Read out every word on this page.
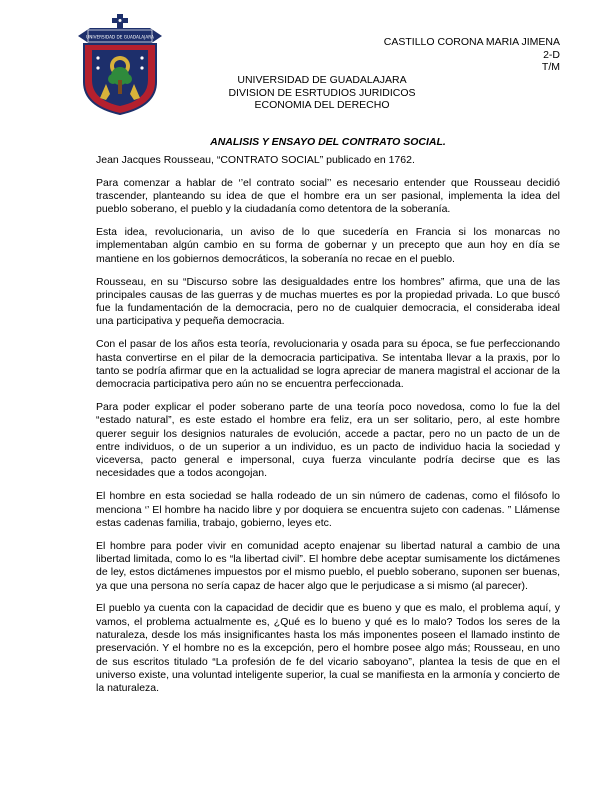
UNIVERSIDAD DE GUADALAJARA	CASTILLO CORONA MARIA JIMENA
2-D
T/M
UNIVERSIDAD DE GUADALAJARA
DIVISION DE ESRTUDIOS JURIDICOS
ECONOMIA DEL DERECHO
ANALISIS Y ENSAYO DEL CONTRATO SOCIAL.

Jean Jacques Rousseau, “CONTRATO SOCIAL” publicado en 1762.

Para comenzar a hablar de ‘’el contrato social’’ es necesario entender que Rousseau decidió trascender, planteando su idea de que el hombre era un ser pasional, implementa la idea del pueblo soberano, el pueblo y la ciudadanía como detentora de la soberanía.

Esta idea, revolucionaria, un aviso de lo que sucedería en Francia si los monarcas no implementaban algún cambio en su forma de gobernar y un precepto que aun hoy en día se mantiene en los gobiernos democráticos, la soberanía no recae en el pueblo.

Rousseau, en su “Discurso sobre las desigualdades entre los hombres” afirma, que una de las principales causas de las guerras y de muchas muertes es por la propiedad privada. Lo que buscó fue la fundamentación de la democracia, pero no de cualquier democracia, el consideraba ideal una participativa y pequeña democracia.

Con el pasar de los años esta teoría, revolucionaria y osada para su época, se fue perfeccionando hasta convertirse en el pilar de la democracia participativa. Se intentaba llevar a la praxis, por lo tanto se podría afirmar que en la actualidad se logra apreciar de manera magistral el accionar de la democracia participativa pero aún no se encuentra perfeccionada.

Para poder explicar el poder soberano parte de una teoría poco novedosa, como lo fue la del “estado natural”, es este estado el hombre era feliz, era un ser solitario, pero, al este hombre querer seguir los designios naturales de evolución, accede a pactar, pero no un pacto de un de entre individuos, o de un superior a un individuo, es un pacto de individuo hacia la sociedad y viceversa, pacto general e impersonal, cuya fuerza vinculante podría decirse que es las necesidades que a todos acongojan.

El hombre en esta sociedad se halla rodeado de un sin número de cadenas, como el filósofo lo menciona ‘’ El hombre ha nacido libre y por doquiera se encuentra sujeto con cadenas. ” Llámense estas cadenas familia, trabajo, gobierno, leyes etc.

El hombre para poder vivir en comunidad acepto enajenar su libertad natural a cambio de una libertad limitada, como lo es “la libertad civil”. El hombre debe aceptar sumisamente los dictámenes de ley, estos dictámenes impuestos por el mismo pueblo, el pueblo soberano, suponen ser buenas, ya que una persona no sería capaz de hacer algo que le perjudicase a si mismo (al parecer).

El pueblo ya cuenta con la capacidad de decidir que es bueno y que es malo, el problema aquí, y vamos, el problema actualmente es, ¿Qué es lo bueno y qué es lo malo? Todos los seres de la naturaleza, desde los más insignificantes hasta los más imponentes poseen el llamado instinto de preservación. Y el hombre no es la excepción, pero el hombre posee algo más; Rousseau, en uno de sus escritos titulado “La profesión de fe del vicario saboyano”, plantea la tesis de que en el universo existe, una voluntad inteligente superior, la cual se manifiesta en la armonía y concierto de la naturaleza.
